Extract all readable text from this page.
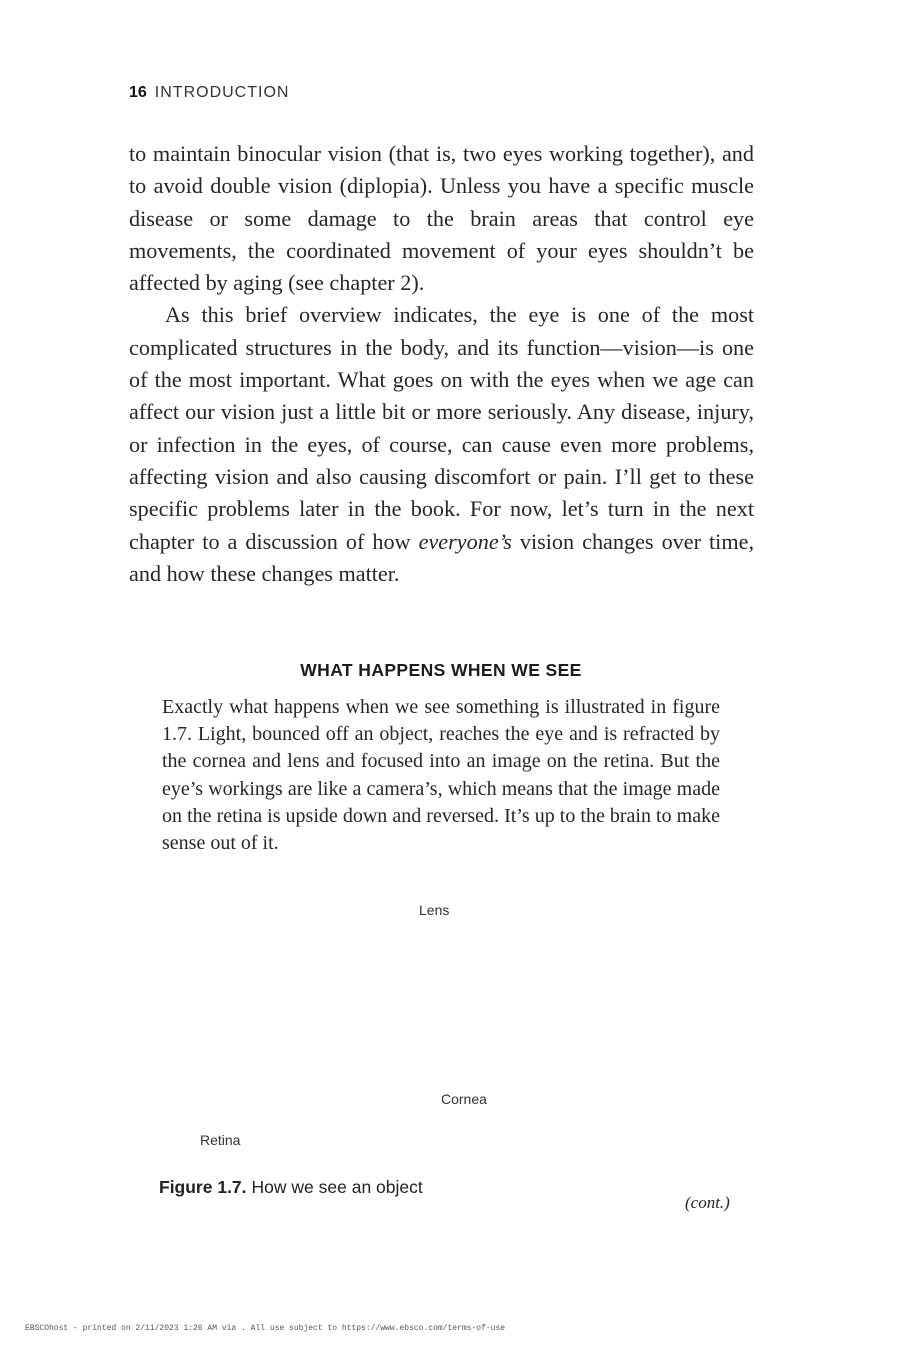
16 INTRODUCTION

to maintain binocular vision (that is, two eyes working together), and to avoid double vision (diplopia). Unless you have a specific muscle disease or some damage to the brain areas that control eye movements, the coordinated movement of your eyes shouldn’t be affected by aging (see chapter 2).

As this brief overview indicates, the eye is one of the most complicated structures in the body, and its function—vision—is one of the most important. What goes on with the eyes when we age can affect our vision just a little bit or more seriously. Any disease, injury, or infection in the eyes, of course, can cause even more problems, affecting vision and also causing discomfort or pain. I’ll get to these specific problems later in the book. For now, let’s turn in the next chapter to a discussion of how everyone’s vision changes over time, and how these changes matter.

WHAT HAPPENS WHEN WE SEE
Exactly what happens when we see something is illustrated in figure 1.7. Light, bounced off an object, reaches the eye and is refracted by the cornea and lens and focused into an image on the retina. But the eye’s workings are like a camera’s, which means that the image made on the retina is upside down and reversed. It’s up to the brain to make sense out of it.
Lens
Cornea
Retina
Figure 1.7. How we see an object
(cont.)
EBSCOhost - printed on 2/11/2023 1:26 AM via . All use subject to https://www.ebsco.com/terms-of-use
